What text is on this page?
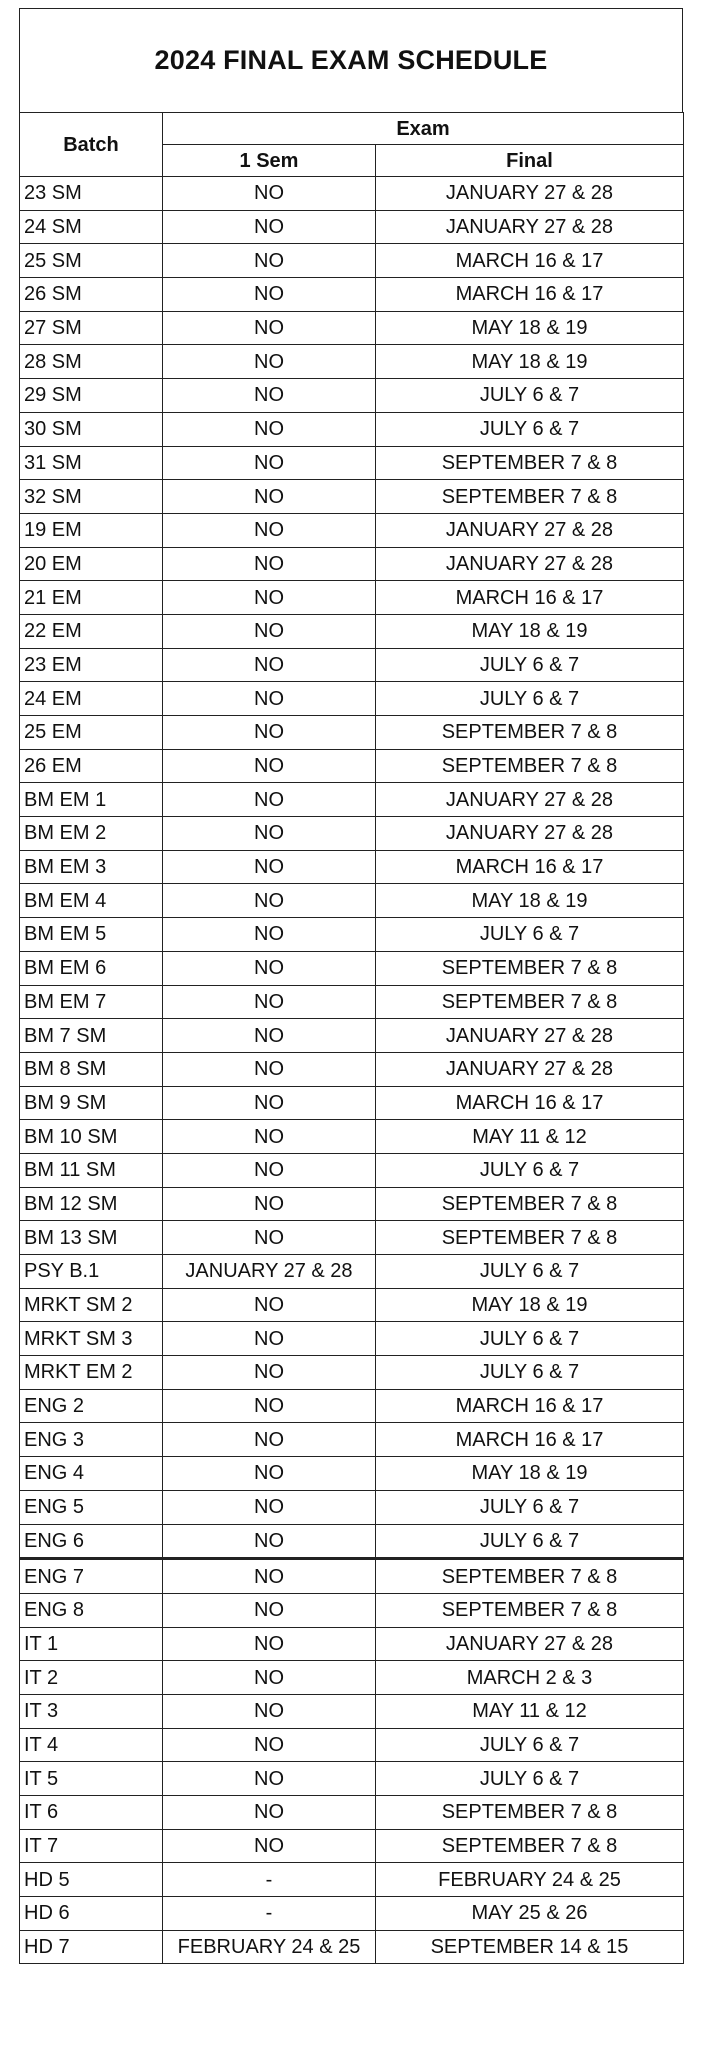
2024 FINAL EXAM SCHEDULE
Batch	Exam	
	1 Sem	Final
23 SM	NO	JANUARY 27 & 28
24 SM	NO	JANUARY 27 & 28
25 SM	NO	MARCH 16 & 17
26 SM	NO	MARCH 16 & 17
27 SM	NO	MAY 18 & 19
28 SM	NO	MAY 18 & 19
29 SM	NO	JULY 6 & 7
30 SM	NO	JULY 6 & 7
31 SM	NO	SEPTEMBER 7 & 8
32 SM	NO	SEPTEMBER 7 & 8
19 EM	NO	JANUARY 27 & 28
20 EM	NO	JANUARY 27 & 28
21 EM	NO	MARCH 16 & 17
22 EM	NO	MAY 18 & 19
23 EM	NO	JULY 6 & 7
24 EM	NO	JULY 6 & 7
25 EM	NO	SEPTEMBER 7 & 8
26 EM	NO	SEPTEMBER 7 & 8
BM EM 1	NO	JANUARY 27 & 28
BM EM 2	NO	JANUARY 27 & 28
BM EM 3	NO	MARCH 16 & 17
BM EM 4	NO	MAY 18 & 19
BM EM 5	NO	JULY 6 & 7
BM EM 6	NO	SEPTEMBER 7 & 8
BM EM 7	NO	SEPTEMBER 7 & 8
BM 7 SM	NO	JANUARY 27 & 28
BM 8 SM	NO	JANUARY 27 & 28
BM 9 SM	NO	MARCH 16 & 17
BM 10 SM	NO	MAY 11 & 12
BM 11 SM	NO	JULY 6 & 7
BM 12 SM	NO	SEPTEMBER 7 & 8
BM 13 SM	NO	SEPTEMBER 7 & 8
PSY B.1	JANUARY 27 & 28	JULY 6 & 7
MRKT SM 2	NO	MAY 18 & 19
MRKT SM 3	NO	JULY 6 & 7
MRKT EM 2	NO	JULY 6 & 7
ENG 2	NO	MARCH 16 & 17
ENG 3	NO	MARCH 16 & 17
ENG 4	NO	MAY 18 & 19
ENG 5	NO	JULY 6 & 7
ENG 6	NO	JULY 6 & 7
ENG 7	NO	SEPTEMBER 7 & 8
ENG 8	NO	SEPTEMBER 7 & 8
IT 1	NO	JANUARY 27 & 28
IT 2	NO	MARCH 2 & 3
IT 3	NO	MAY 11 & 12
IT 4	NO	JULY 6 & 7
IT 5	NO	JULY 6 & 7
IT 6	NO	SEPTEMBER 7 & 8
IT 7	NO	SEPTEMBER 7 & 8
HD 5	-	FEBRUARY 24 & 25
HD 6	-	MAY 25 & 26
HD 7	FEBRUARY 24 & 25	SEPTEMBER 14 & 15
